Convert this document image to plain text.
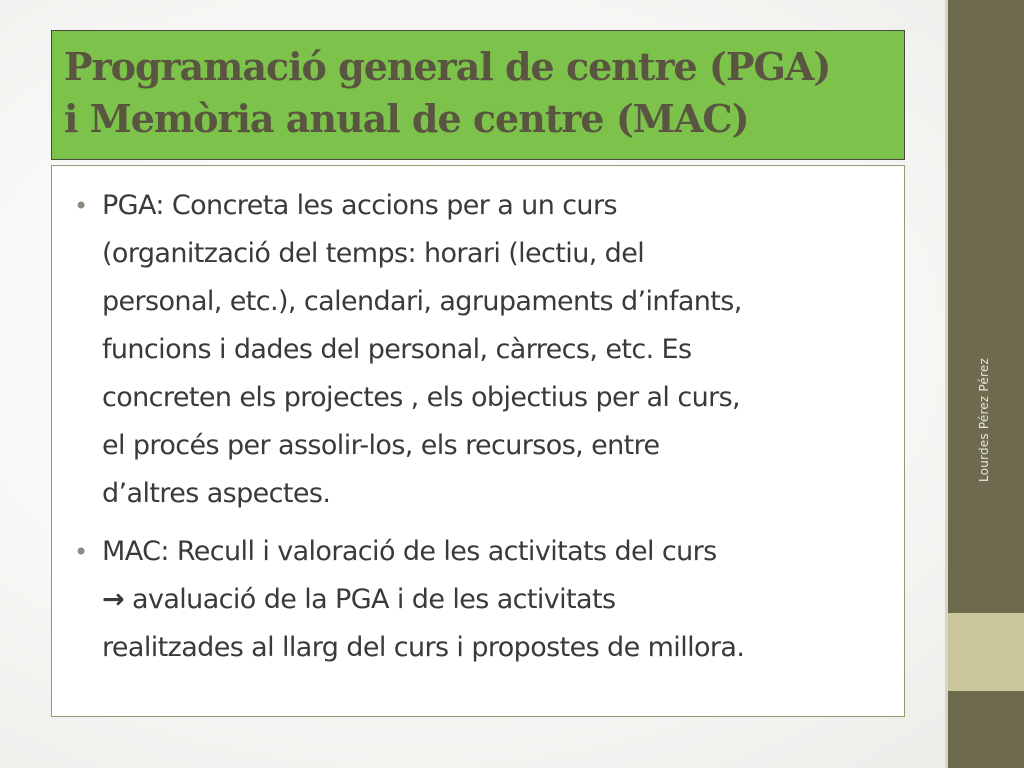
Lourdes Pérez Pérez
Programació general de centre (PGA)
i Memòria anual de centre (MAC)
• PGA: Concreta les accions per a un curs
(organització del temps: horari (lectiu, del
personal, etc.), calendari, agrupaments d’infants,
funcions i dades del personal, càrrecs, etc. Es
concreten els projectes , els objectius per al curs,
el procés per assolir-los, els recursos, entre
d’altres aspectes.
• MAC: Recull i valoració de les activitats del curs
→ avaluació de la PGA i de les activitats
realitzades al llarg del curs i propostes de millora.
